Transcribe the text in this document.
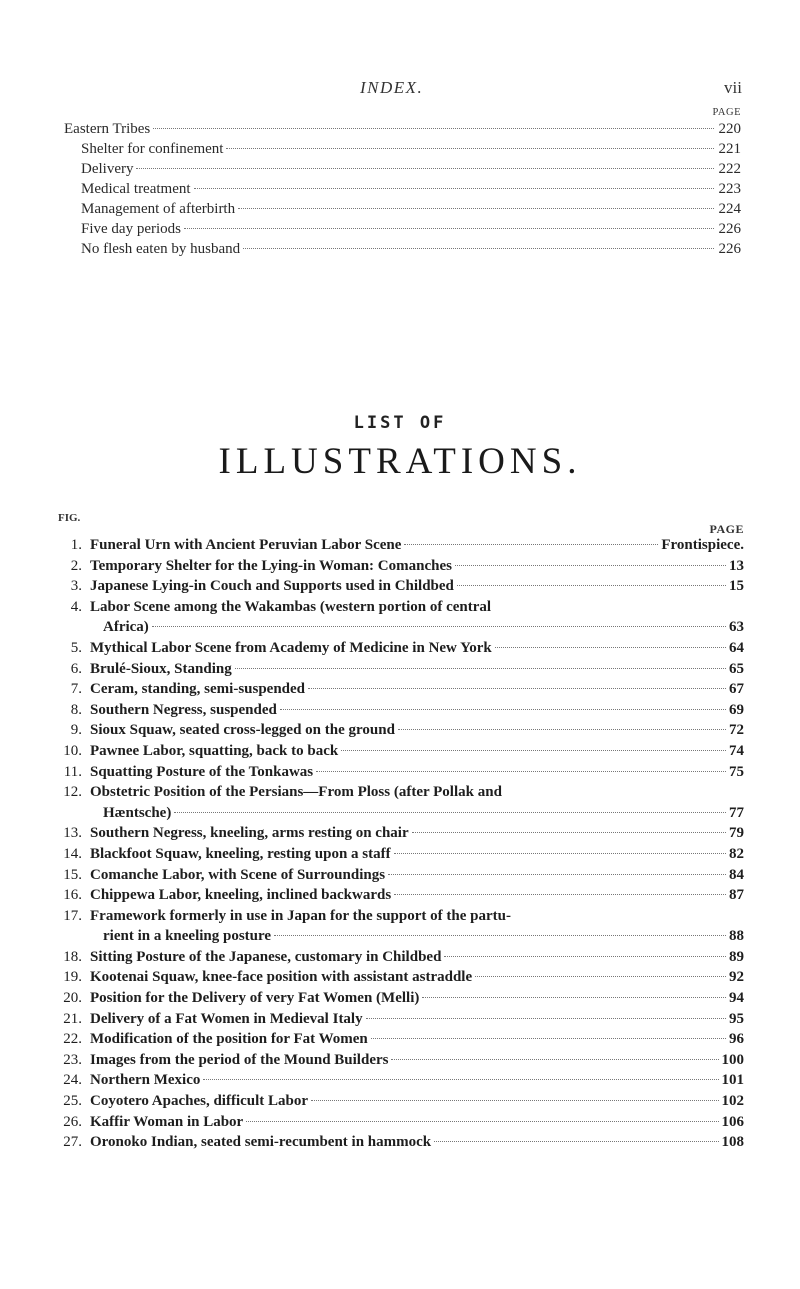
INDEX.	vii
PAGE
Eastern Tribes	220
Shelter for confinement	221
Delivery	222
Medical treatment	223
Management of afterbirth	224
Five day periods	226
No flesh eaten by husband	226
LIST OF
ILLUSTRATIONS.
FIG.
PAGE
1. Funeral Urn with Ancient Peruvian Labor Scene	Frontispiece.
2. Temporary Shelter for the Lying-in Woman: Comanches	13
3. Japanese Lying-in Couch and Supports used in Childbed	15
4. Labor Scene among the Wakambas (western portion of central
Africa)	63
5. Mythical Labor Scene from Academy of Medicine in New York	64
6. Brulé-Sioux, Standing	65
7. Ceram, standing, semi-suspended	67
8. Southern Negress, suspended	69
9. Sioux Squaw, seated cross-legged on the ground	72
10. Pawnee Labor, squatting, back to back	74
11. Squatting Posture of the Tonkawas	75
12. Obstetric Position of the Persians—From Ploss (after Pollak and
Hæntsche)	77
13. Southern Negress, kneeling, arms resting on chair	79
14. Blackfoot Squaw, kneeling, resting upon a staff	82
15. Comanche Labor, with Scene of Surroundings	84
16. Chippewa Labor, kneeling, inclined backwards	87
17. Framework formerly in use in Japan for the support of the partu-
rient in a kneeling posture	88
18. Sitting Posture of the Japanese, customary in Childbed	89
19. Kootenai Squaw, knee-face position with assistant astraddle	92
20. Position for the Delivery of very Fat Women (Melli)	94
21. Delivery of a Fat Women in Medieval Italy	95
22. Modification of the position for Fat Women	96
23. Images from the period of the Mound Builders	100
24. Northern Mexico	101
25. Coyotero Apaches, difficult Labor	102
26. Kaffir Woman in Labor	106
27. Oronoko Indian, seated semi-recumbent in hammock	108
